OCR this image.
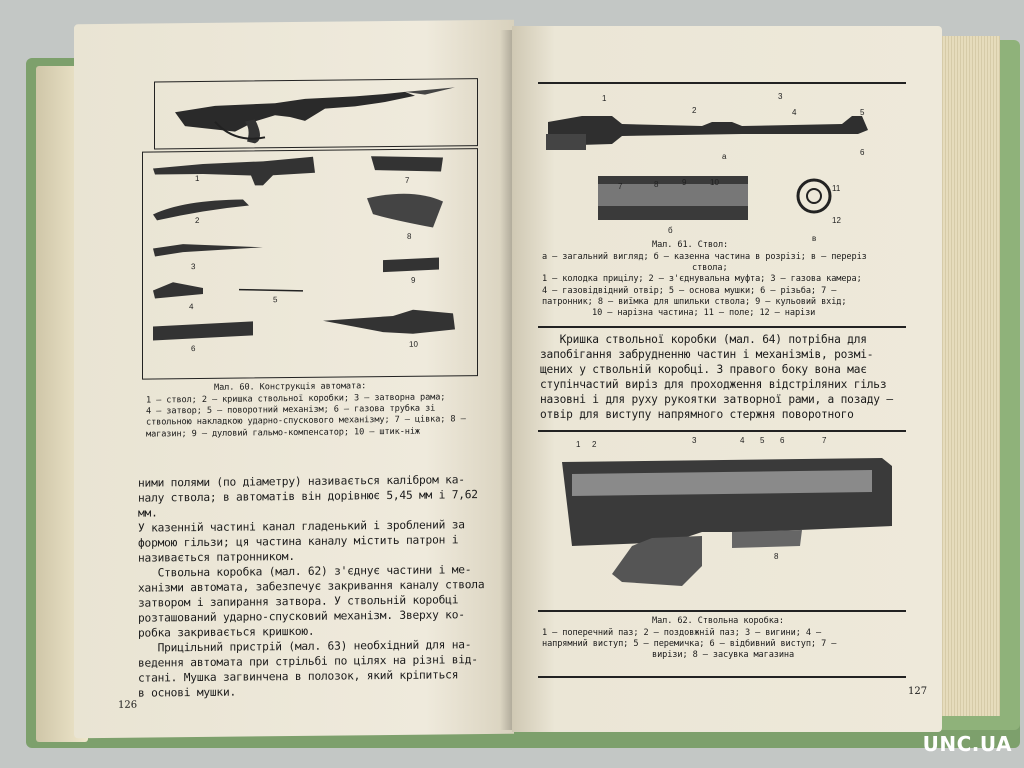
1
2
3
4
5
6
7
8
9
10

Мал. 60. Конструкція автомата:

1 — ствол; 2 — кришка ствольної коробки; 3 — затворна рама;

4 — затвор; 5 — поворотний механізм; 6 — газова трубка зі

ствольною накладкою ударно-спускового механізму; 7 — цівка; 8 —

магазин; 9 — дуловий гальмо-компенсатор; 10 — штик-ніж

ними полями (по діаметру) називається калібром ка-

налу ствола; в автоматів він дорівнює 5,45 мм і 7,62 мм.

У казенній частині канал гладенький і зроблений за

формою гільзи; ця частина каналу містить патрон і

називається патронником.

Ствольна коробка (мал. 62) з'єднує частини і ме-

ханізми автомата, забезпечує закривання каналу ствола

затвором і запирання затвора. У ствольній коробці

розташований ударно-спусковий механізм. Зверху ко-

робка закривається кришкою.

Прицільний пристрій (мал. 63) необхідний для на-

ведення автомата при стрільбі по цілях на різні від-

стані. Мушка загвинчена в полозок, який кріпиться

в основі мушки.

126
1
2
3
4	5
6
7	8	9	10
11
12
а
б
в

Мал. 61. Ствол:

а — загальний вигляд; б — казенна частина в розрізі; в — перерiз

ствола;

1 — колодка прицілу; 2 — з'єднувальна муфта; 3 — газова камера;

4 — газовідвідний отвір; 5 — основа мушки; 6 — різьба; 7 —

патронник; 8 — виїмка для шпильки ствола; 9 — кульовий вхід;

10 — нарізна частина; 11 — поле; 12 — нарізи

Кришка ствольної коробки (мал. 64) потрібна для

запобігання забрудненню частин і механізмів, розмі-

щених у ствольній коробці. З правого боку вона має

ступінчастий виріз для проходження відстріляних гільз

назовні і для руху рукоятки затворної рами, а позаду —

отвір для виступу напрямного стержня поворотного

1 2	3	4 5 6	7
8

Мал. 62. Ствольна коробка:

1 — поперечний паз; 2 — поздовжній паз; 3 — вигини; 4 —

напрямний виступ; 5 — перемичка; 6 — відбивний виступ; 7 —

вирізи; 8 — засувка магазина

127
UNC.UA
